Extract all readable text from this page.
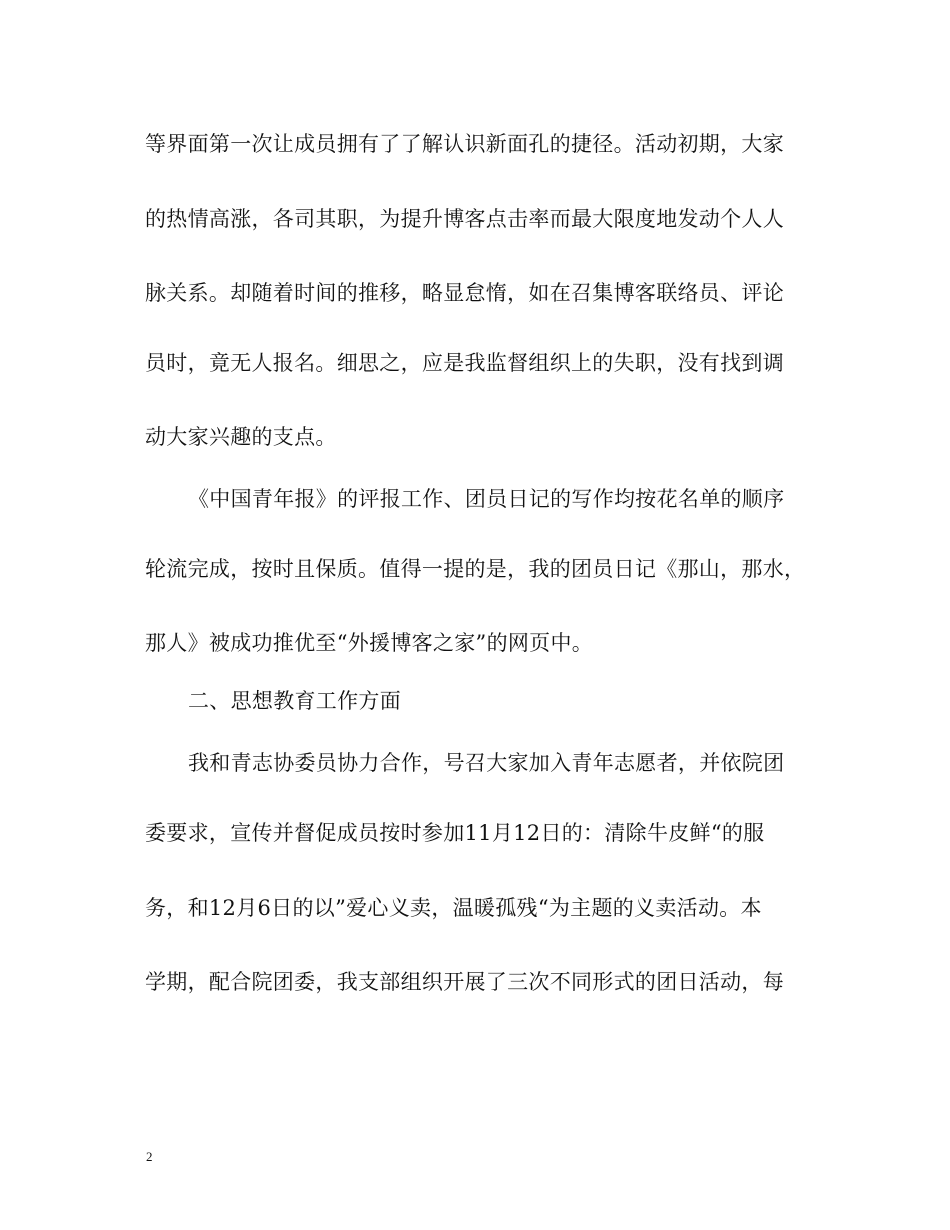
等界面第一次让成员拥有了了解认识新面孔的捷径。活动初期，大家
的热情高涨，各司其职，为提升博客点击率而最大限度地发动个人人
脉关系。却随着时间的推移，略显怠惰，如在召集博客联络员、评论
员时，竟无人报名。细思之，应是我监督组织上的失职，没有找到调
动大家兴趣的支点。
《中国青年报》的评报工作、团员日记的写作均按花名单的顺序
轮流完成，按时且保质。值得一提的是，我的团员日记《那山，那水，
那人》被成功推优至“外援博客之家”的网页中。
二、思想教育工作方面
我和青志协委员协力合作，号召大家加入青年志愿者，并依院团
委要求，宣传并督促成员按时参加11月12日的：清除牛皮鲜“的服
务，和12月6日的以”爱心义卖，温暖孤残“为主题的义卖活动。本
学期，配合院团委，我支部组织开展了三次不同形式的团日活动，每
2
